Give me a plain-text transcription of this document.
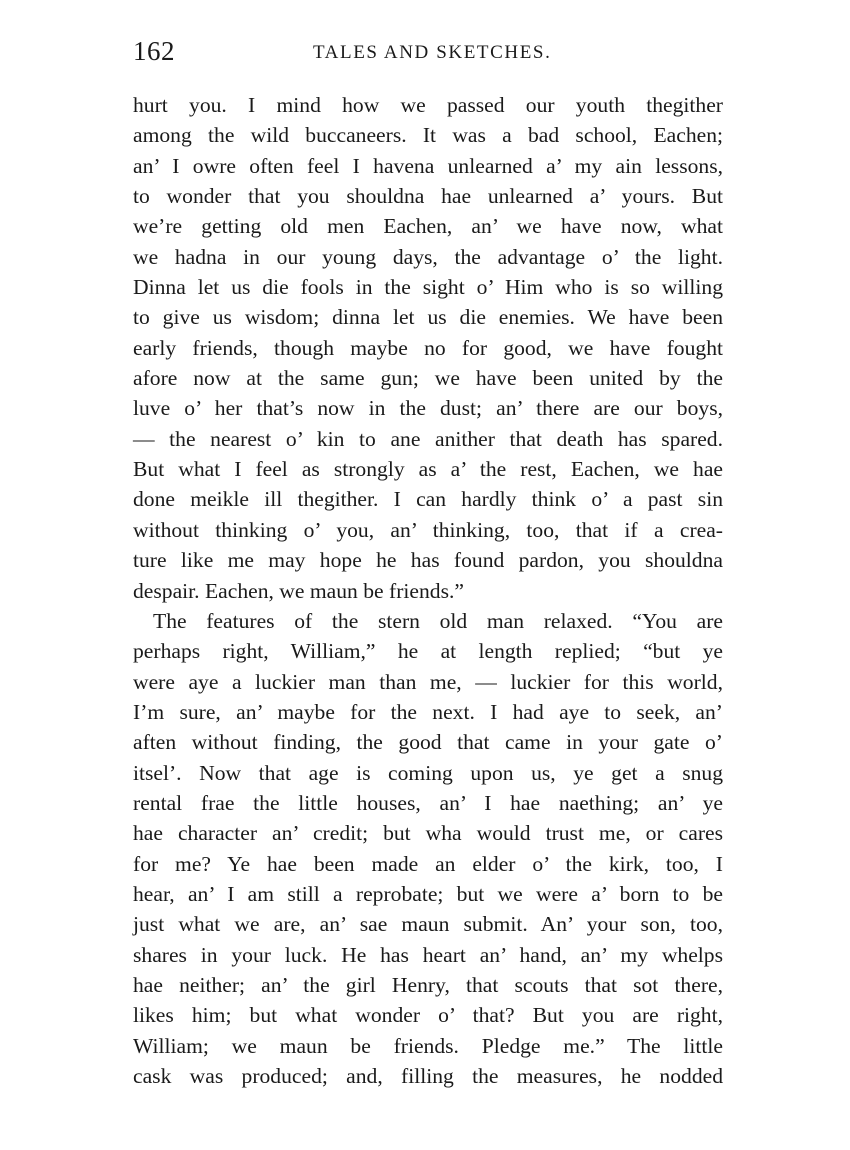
162	TALES AND SKETCHES.
hurt you. I mind how we passed our youth thegither
among the wild buccaneers. It was a bad school, Eachen;
an’ I owre often feel I havena unlearned a’ my ain lessons,
to wonder that you shouldna hae unlearned a’ yours. But
we’re getting old men Eachen, an’ we have now, what
we hadna in our young days, the advantage o’ the light.
Dinna let us die fools in the sight o’ Him who is so willing
to give us wisdom; dinna let us die enemies. We have been
early friends, though maybe no for good, we have fought
afore now at the same gun; we have been united by the
luve o’ her that’s now in the dust; an’ there are our boys,
— the nearest o’ kin to ane anither that death has spared.
But what I feel as strongly as a’ the rest, Eachen, we hae
done meikle ill thegither. I can hardly think o’ a past sin
without thinking o’ you, an’ thinking, too, that if a crea-
ture like me may hope he has found pardon, you shouldna
despair. Eachen, we maun be friends.”
The features of the stern old man relaxed. “You are
perhaps right, William,” he at length replied; “but ye
were aye a luckier man than me, — luckier for this world,
I’m sure, an’ maybe for the next. I had aye to seek, an’
aften without finding, the good that came in your gate o’
itsel’. Now that age is coming upon us, ye get a snug
rental frae the little houses, an’ I hae naething; an’ ye
hae character an’ credit; but wha would trust me, or cares
for me? Ye hae been made an elder o’ the kirk, too, I
hear, an’ I am still a reprobate; but we were a’ born to be
just what we are, an’ sae maun submit. An’ your son, too,
shares in your luck. He has heart an’ hand, an’ my whelps
hae neither; an’ the girl Henry, that scouts that sot there,
likes him; but what wonder o’ that? But you are right,
William; we maun be friends. Pledge me.” The little
cask was produced; and, filling the measures, he nodded
